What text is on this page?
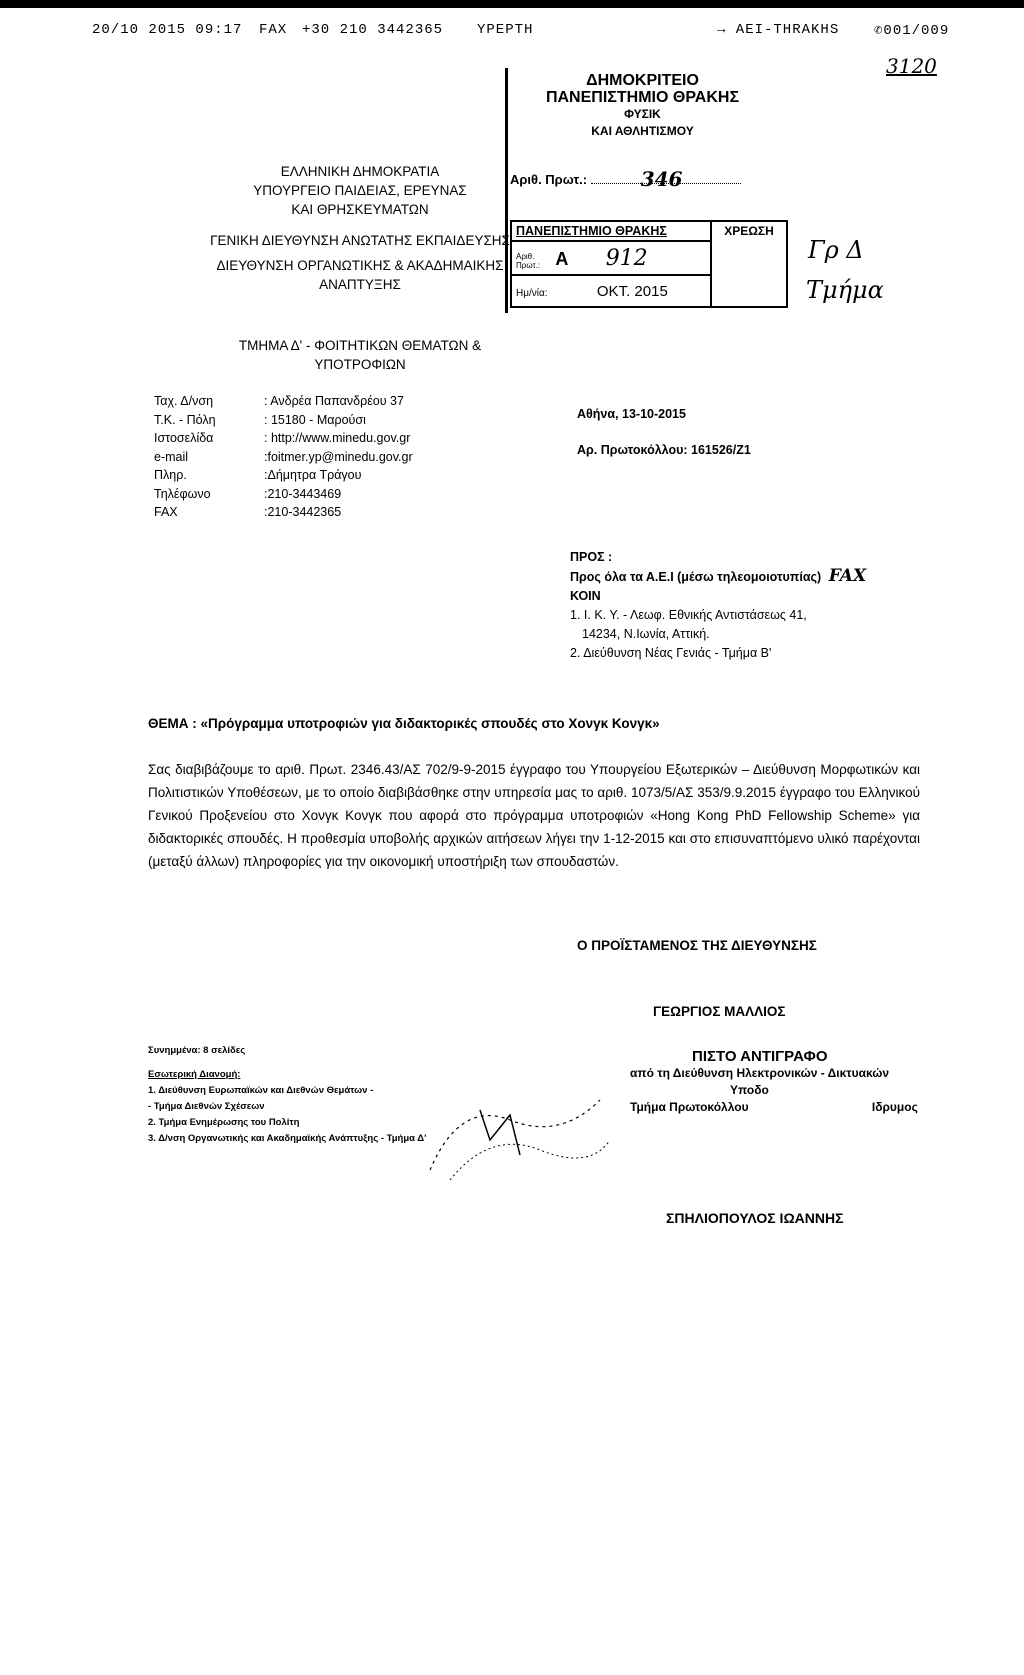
20/10 2015 09:17 FAX +30 210 3442365 YPEPTH	→ AEI-THRAKHS ✆001/009
ΕΛΛΗΝΙΚΗ ΔΗΜΟΚΡΑΤΙΑ
ΥΠΟΥΡΓΕΙΟ ΠΑΙΔΕΙΑΣ, ΕΡΕΥΝΑΣ
ΚΑΙ ΘΡΗΣΚΕΥΜΑΤΩΝ
ΓΕΝΙΚΗ ΔΙΕΥΘΥΝΣΗ ΑΝΩΤΑΤΗΣ ΕΚΠΑΙΔΕΥΣΗΣ
ΔΙΕΥΘΥΝΣΗ ΟΡΓΑΝΩΤΙΚΗΣ & ΑΚΑΔΗΜΑΙΚΗΣ
ΑΝΑΠΤΥΞΗΣ
ΤΜΗΜΑ Δ' - ΦΟΙΤΗΤΙΚΩΝ ΘΕΜΑΤΩΝ &
ΥΠΟΤΡΟΦΙΩΝ
ΔΗΜΟΚΡΙΤΕΙΟ
ΠΑΝΕΠΙΣΤΗΜΙΟ ΘΡΑΚΗΣ
ΦΥΣΙΚ
ΚΑΙ ΑΘΛΗΤΙΣΜΟΥ
Αριθ. Πρωτ.:	346
ΠΑΝΕΠΙΣΤΗΜΙΟ ΘΡΑΚΗΣ	ΧΡΕΩΣΗ
Αριθ. Πρωτ.: Α 912
Ημ/νία:	ΟΚΤ. 2015
3120
Γρ Δ
Τμήμα
Ταχ. Δ/νση	: Ανδρέα Παπανδρέου 37
Τ.Κ. - Πόλη	: 15180 - Μαρούσι
Ιστοσελίδα	: http://www.minedu.gov.gr
e-mail	:foitmer.yp@minedu.gov.gr
Πληρ.	:Δήμητρα Τράγου
Τηλέφωνο	:210-3443469
FAX	:210-3442365
Αθήνα, 13-10-2015
Αρ. Πρωτοκόλλου: 161526/Ζ1
ΠΡΟΣ :
Προς όλα τα Α.Ε.Ι (μέσω τηλεομοιοτυπίας) FAX
ΚΟΙΝ
1. Ι. Κ. Υ. - Λεωφ. Εθνικής Αντιστάσεως 41,
14234, Ν.Ιωνία, Αττική.
2. Διεύθυνση Νέας Γενιάς - Τμήμα Β'
ΘΕΜΑ : «Πρόγραμμα υποτροφιών για διδακτορικές σπουδές στο Χονγκ Κονγκ»
Σας διαβιβάζουμε το αριθ. Πρωτ. 2346.43/ΑΣ 702/9-9-2015 έγγραφο του Υπουργείου Εξωτερικών – Διεύθυνση Μορφωτικών και Πολιτιστικών Υποθέσεων, με το οποίο διαβιβάσθηκε στην υπηρεσία μας το αριθ. 1073/5/ΑΣ 353/9.9.2015 έγγραφο του Ελληνικού Γενικού Προξενείου στο Χονγκ Κονγκ που αφορά στο πρόγραμμα υποτροφιών «Hong Kong PhD Fellowship Scheme» για διδακτορικές σπουδές. Η προθεσμία υποβολής αρχικών αιτήσεων λήγει την 1-12-2015 και στο επισυναπτόμενο υλικό παρέχονται (μεταξύ άλλων) πληροφορίες για την οικονομική υποστήριξη των σπουδαστών.
Ο ΠΡΟΪΣΤΑΜΕΝΟΣ ΤΗΣ ΔΙΕΥΘΥΝΣΗΣ
ΓΕΩΡΓΙΟΣ ΜΑΛΛΙΟΣ
Συνημμένα: 8 σελίδες
Εσωτερική Διανομή:
1. Διεύθυνση Ευρωπαϊκών και Διεθνών Θεμάτων -
- Τμήμα Διεθνών Σχέσεων
2. Τμήμα Ενημέρωσης του Πολίτη
3. Δ/νση Οργανωτικής και Ακαδημαϊκής Ανάπτυξης - Τμήμα Δ'
ΠΙΣΤΟ ΑΝΤΙΓΡΑΦΟ
από τη Διεύθυνση Ηλεκτρονικών - Δικτυακών
Υποδο
Τμήμα Πρωτοκόλλου	Ιδρυμος
ΣΠΗΛΙΟΠΟΥΛΟΣ ΙΩΑΝΝΗΣ
